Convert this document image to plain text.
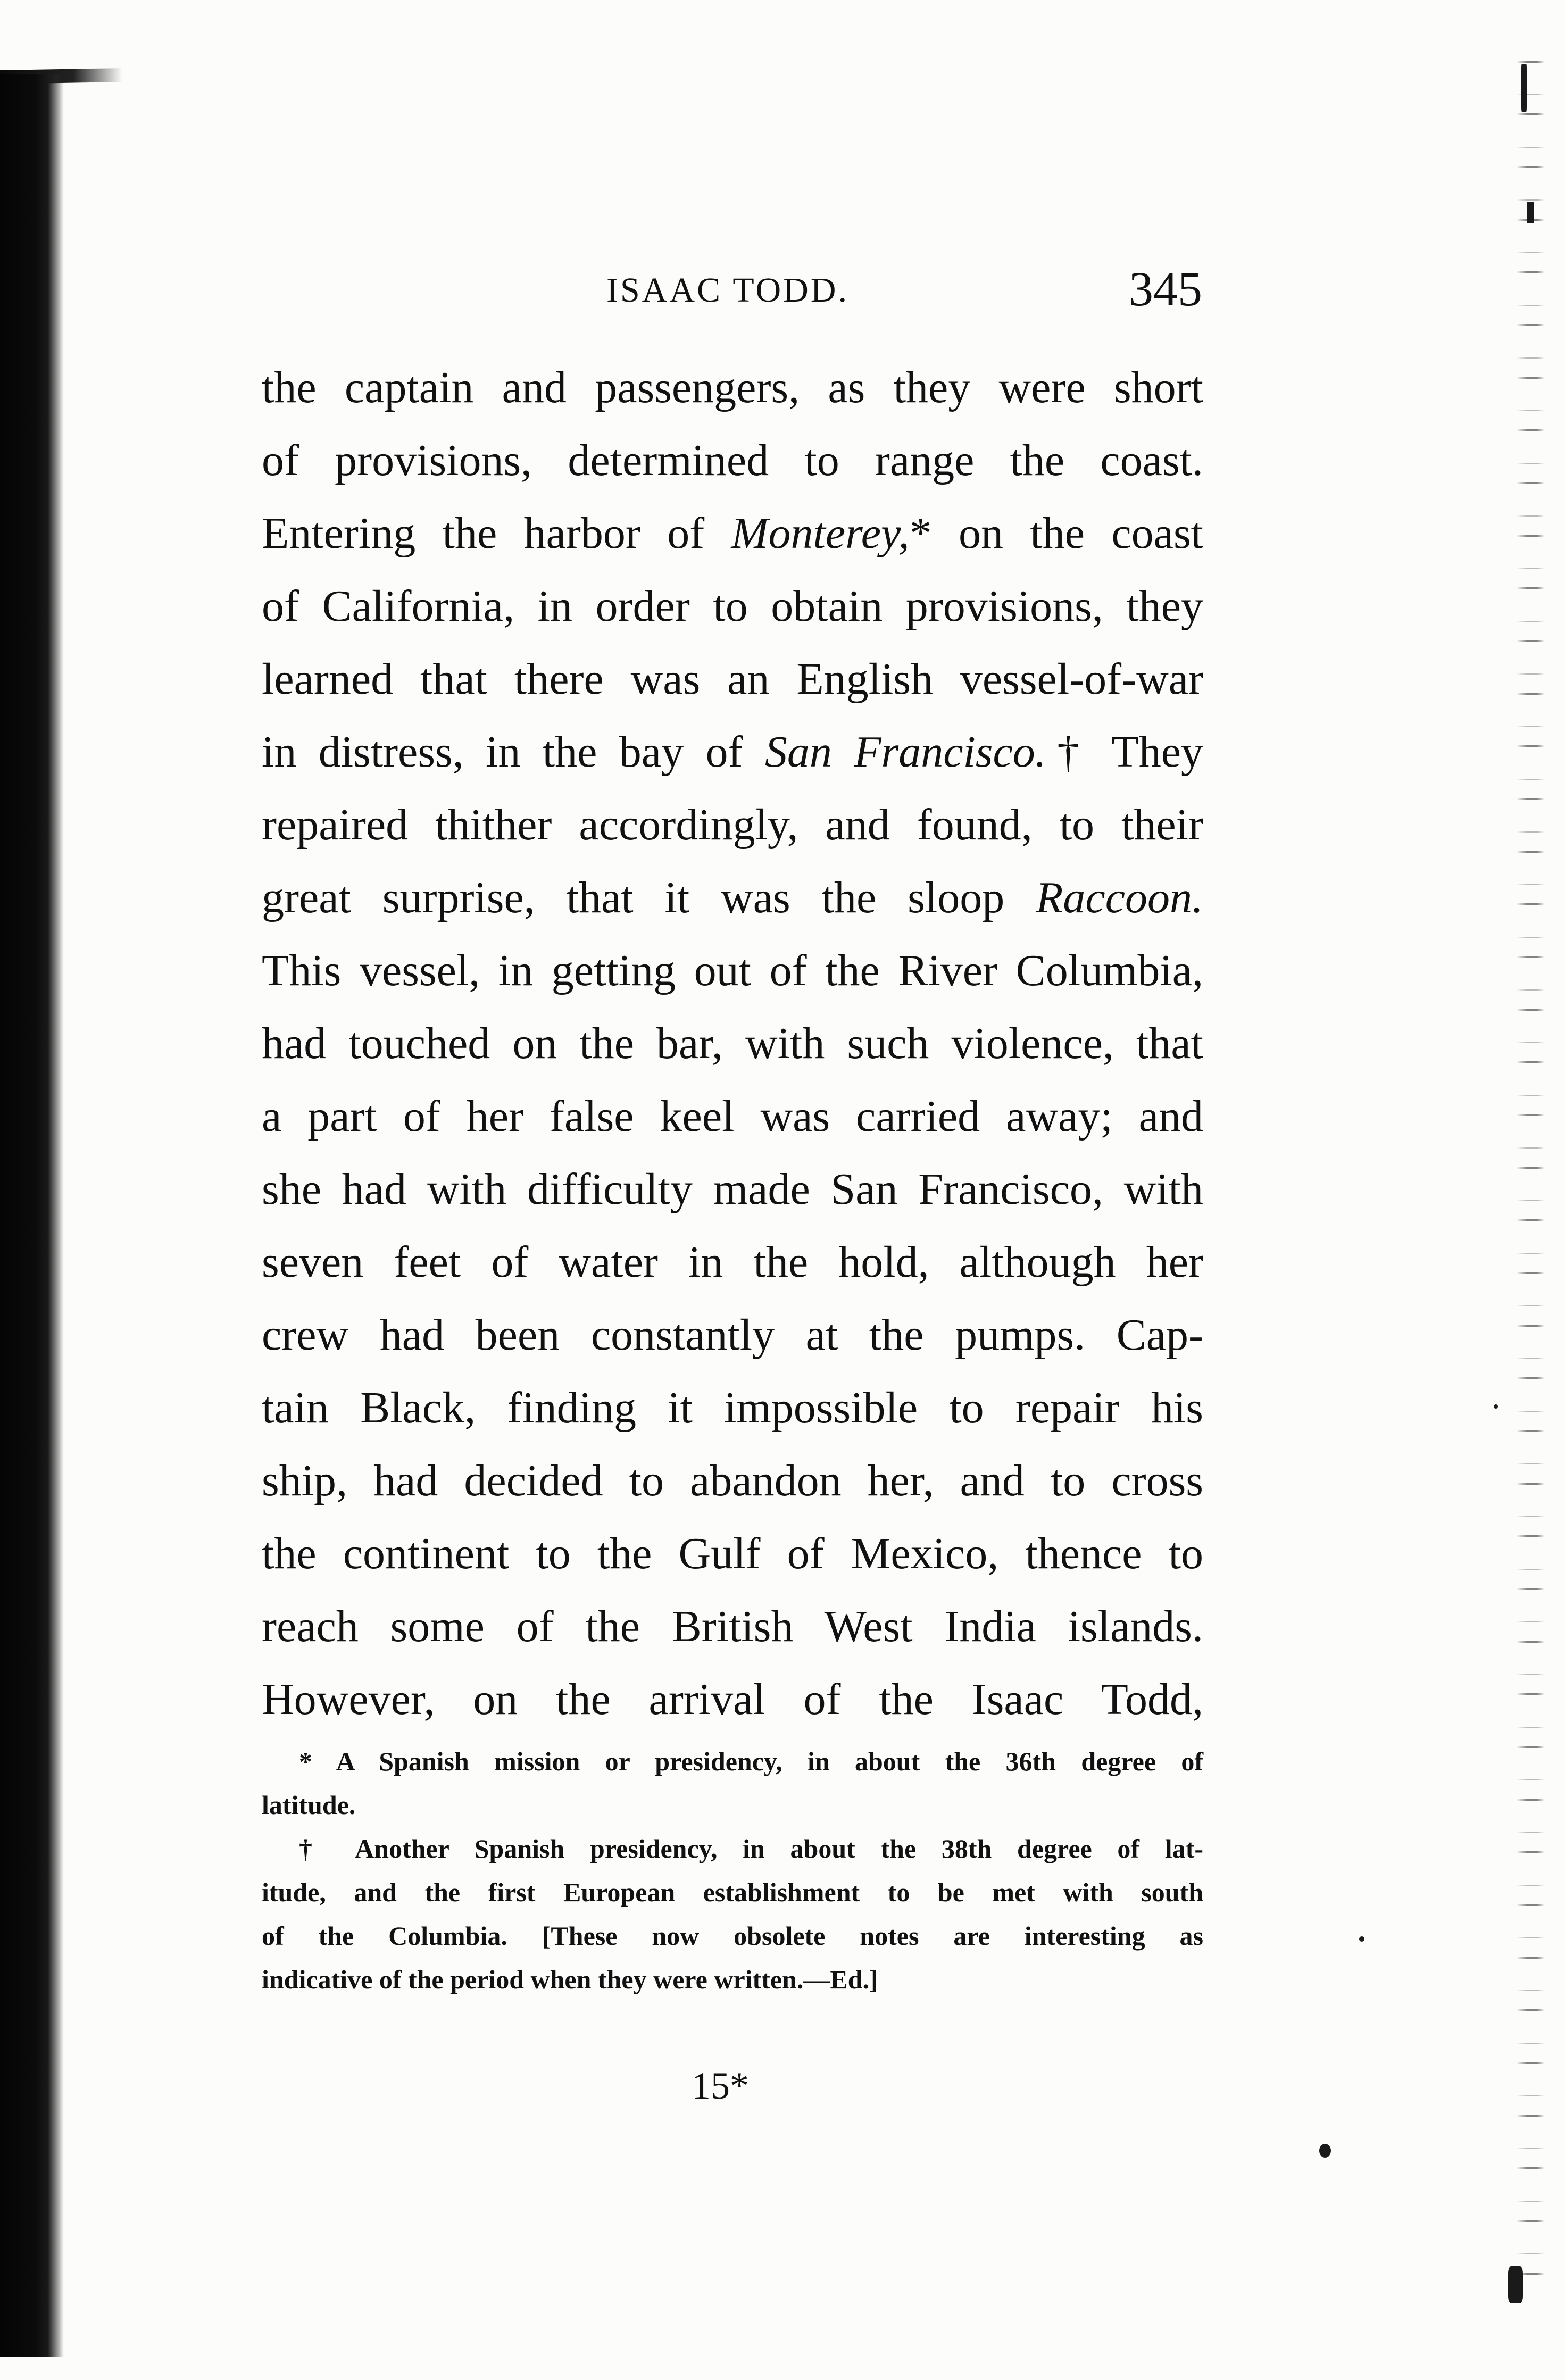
ISAAC TODD.	345
the captain and passengers, as they were short
of provisions, determined to range the coast.
Entering the harbor of Monterey,* on the coast
of California, in order to obtain provisions, they
learned that there was an English vessel-of-war
in distress, in the bay of San Francisco.† They
repaired thither accordingly, and found, to their
great surprise, that it was the sloop Raccoon.
This vessel, in getting out of the River Columbia,
had touched on the bar, with such violence, that
a part of her false keel was carried away; and
she had with difficulty made San Francisco, with
seven feet of water in the hold, although her
crew had been constantly at the pumps. Cap-
tain Black, finding it impossible to repair his
ship, had decided to abandon her, and to cross
the continent to the Gulf of Mexico, thence to
reach some of the British West India islands.
However, on the arrival of the Isaac Todd,
* A Spanish mission or presidency, in about the 36th degree of
latitude.
† Another Spanish presidency, in about the 38th degree of lat-
itude, and the first European establishment to be met with south
of the Columbia. [These now obsolete notes are interesting as
indicative of the period when they were written.—Ed.]
15*
